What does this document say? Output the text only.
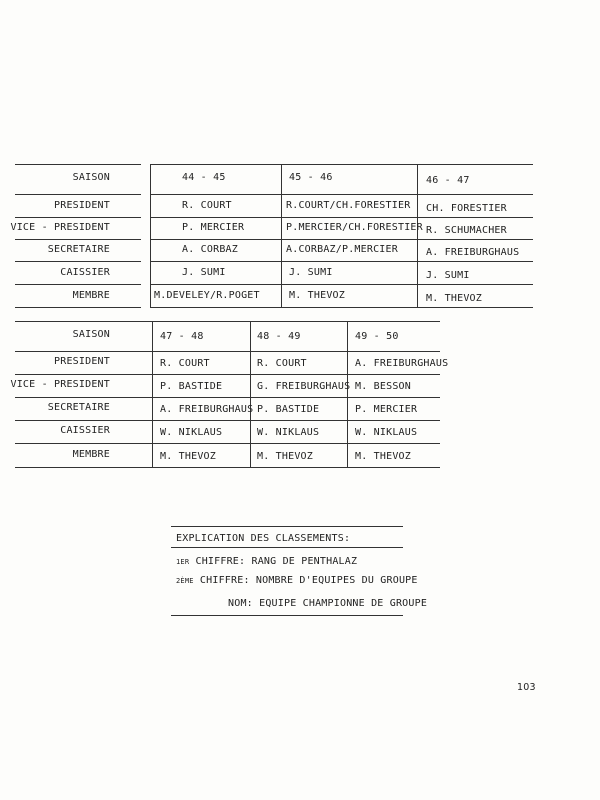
SAISON
PRESIDENT
VICE - PRESIDENT
SECRETAIRE
CAISSIER
MEMBRE
44 - 45
R. COURT
P. MERCIER
A. CORBAZ
J. SUMI
M.DEVELEY/R.POGET
45 - 46
R.COURT/CH.FORESTIER
P.MERCIER/CH.FORESTIER
A.CORBAZ/P.MERCIER
J. SUMI
M. THEVOZ
46 - 47
CH. FORESTIER
R. SCHUMACHER
A. FREIBURGHAUS
J. SUMI
M. THEVOZ
SAISON
PRESIDENT
VICE - PRESIDENT
SECRETAIRE
CAISSIER
MEMBRE
47 - 48
R. COURT
P. BASTIDE
A. FREIBURGHAUS
W. NIKLAUS
M. THEVOZ
48 - 49
R. COURT
G. FREIBURGHAUS
P. BASTIDE
W. NIKLAUS
M. THEVOZ
49 - 50
A. FREIBURGHAUS
M. BESSON
P. MERCIER
W. NIKLAUS
M. THEVOZ
EXPLICATION DES CLASSEMENTS:
1ER CHIFFRE: RANG DE PENTHALAZ
2ÈME CHIFFRE: NOMBRE D'EQUIPES DU GROUPE
NOM: EQUIPE CHAMPIONNE DE GROUPE
103
